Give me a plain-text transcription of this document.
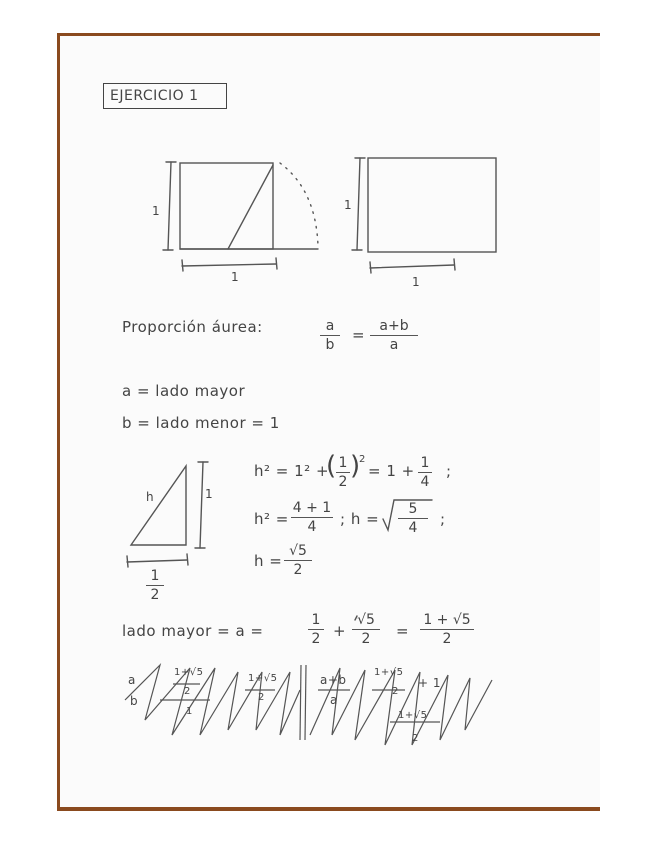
EJERCICIO 1
1
1
1
1
Proporción áurea:	a
b
=	a+b
a
a = lado mayor
b = lado menor = 1
h	1
1
2
h² = 1² +
( 1
2
)
2
= 1 + 1
4
;
h² =
4 + 1
4	; h =
5
4	;
h =
√5
2
lado mayor = a =
1
2 +
√5
2	=
1 + √5
2
a
b
1+√5
2
1
1+√5
2
a+b
a
1+√5
2
+ 1
1+√5
2
